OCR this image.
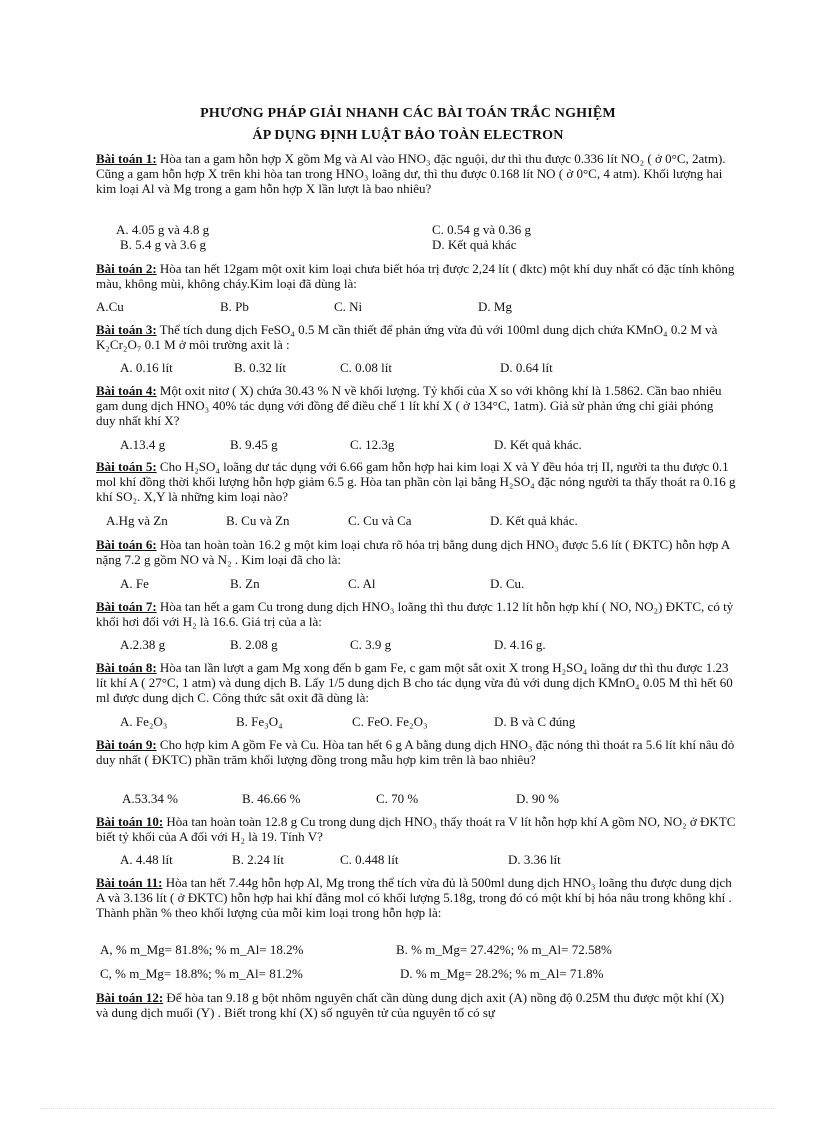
PHƯƠNG PHÁP GIẢI NHANH CÁC BÀI TOÁN TRẮC NGHIỆM
ÁP DỤNG ĐỊNH LUẬT BẢO TOÀN ELECTRON
Bài toán 1: Hòa tan a gam hỗn hợp X gồm Mg và Al vào HNO₃ đặc nguội, dư thì thu được 0.336 lít NO₂ ( ở 0°C, 2atm). Cũng a gam hỗn hợp X trên khi hòa tan trong HNO₃ loãng dư, thì thu được 0.168 lít NO ( ở 0°C, 4 atm). Khối lượng hai kim loại Al và Mg trong a gam hỗn hợp X lần lượt là bao nhiêu?
A. 4.05 g và 4.8 g	C. 0.54 g và 0.36 g
B. 5.4 g và 3.6 g	D. Kết quả khác
Bài toán 2: Hòa tan hết 12gam một oxit kim loại chưa biết hóa trị được 2,24 lít ( đktc) một khí duy nhất có đặc tính không màu, không mùi, không cháy.Kim loại đã dùng là:
A.Cu	B. Pb	C. Ni	D. Mg
Bài toán 3: Thể tích dung dịch FeSO₄ 0.5 M cần thiết để phản ứng vừa đủ với 100ml dung dịch chứa KMnO₄ 0.2 M và K₂Cr₂O₇ 0.1 M ở môi trường axit là :
A. 0.16 lít	B. 0.32 lít	C. 0.08 lít	D. 0.64 lít
Bài toán 4: Một oxit nitơ ( X) chứa 30.43 % N về khối lượng. Tỷ khối của X so với không khí là 1.5862. Cần bao nhiêu gam dung dịch HNO₃ 40% tác dụng với đồng để điều chế 1 lít khí X ( ở 134°C, 1atm). Giả sử phản ứng chỉ giải phóng duy nhất khí X?
A.13.4 g	B. 9.45 g	C. 12.3g	D. Kết quả khác.
Bài toán 5: Cho H₂SO₄ loãng dư tác dụng với 6.66 gam hỗn hợp hai kim loại X và Y đều hóa trị II, người ta thu được 0.1 mol khí đồng thời khối lượng hỗn hợp giảm 6.5 g. Hòa tan phần còn lại bằng H₂SO₄ đặc nóng người ta thấy thoát ra 0.16 g khí SO₂. X,Y là những kim loại nào?
A.Hg và Zn	B. Cu và Zn	C. Cu và Ca	D. Kết quả khác.
Bài toán 6: Hòa tan hoàn toàn 16.2 g một kim loại chưa rõ hóa trị bằng dung dịch HNO₃ được 5.6 lít ( ĐKTC) hỗn hợp A nặng 7.2 g gồm NO và N₂ . Kim loại đã cho là:
A. Fe	B. Zn	C. Al	D. Cu.
Bài toán 7: Hòa tan hết a gam Cu trong dung dịch HNO₃ loãng thì thu được 1.12 lít hỗn hợp khí ( NO, NO₂) ĐKTC, có tỷ khối hơi đối với H₂ là 16.6. Giá trị của a là:
A.2.38 g	B. 2.08 g	C. 3.9 g	D. 4.16 g.
Bài toán 8: Hòa tan lần lượt a gam Mg xong đến b gam Fe, c gam một sắt oxit X trong H₂SO₄ loãng dư thì thu được 1.23 lít khí A ( 27°C, 1 atm) và dung dịch B. Lấy 1/5 dung dịch B cho tác dụng vừa đủ với dung dịch KMnO₄ 0.05 M thì hết 60 ml được dung dịch C. Công thức sắt oxit đã dùng là:
A. Fe₂O₃	B. Fe₃O₄	C. FeO. Fe₂O₃	D. B và C đúng
Bài toán 9: Cho hợp kim A gồm Fe và Cu. Hòa tan hết 6 g A bằng dung dịch HNO₃ đặc nóng thì thoát ra 5.6 lít khí nâu đỏ duy nhất ( ĐKTC) phần trăm khối lượng đồng trong mẫu hợp kim trên là bao nhiêu?
A.53.34 %	B. 46.66 %	C. 70 %	D. 90 %
Bài toán 10: Hòa tan hoàn toàn 12.8 g Cu trong dung dịch HNO₃ thấy thoát ra V lít hỗn hợp khí A gồm NO, NO₂ ở ĐKTC biết tỷ khối của A đối với H₂ là 19. Tính V?
A. 4.48 lít	B. 2.24 lít	C. 0.448 lít	D. 3.36 lít
Bài toán 11: Hòa tan hết 7.44g hỗn hợp Al, Mg trong thể tích vừa đủ là 500ml dung dịch HNO₃ loãng thu được dung dịch A và 3.136 lít ( ở ĐKTC) hỗn hợp hai khí đẳng mol có khối lượng 5.18g, trong đó có một khí bị hóa nâu trong không khí . Thành phần % theo khối lượng của mỗi kim loại trong hỗn hợp là:
A, % m_Mg= 81.8%; % m_Al= 18.2%	B. % m_Mg= 27.42%; % m_Al= 72.58%
C, % m_Mg= 18.8%; % m_Al= 81.2%	D. % m_Mg= 28.2%; % m_Al= 71.8%
Bài toán 12: Để hòa tan 9.18 g bột nhôm nguyên chất cần dùng dung dịch axit (A) nồng độ 0.25M thu được một khí (X) và dung dịch muối (Y) . Biết trong khí (X) số nguyên tử của nguyên tố có sự
